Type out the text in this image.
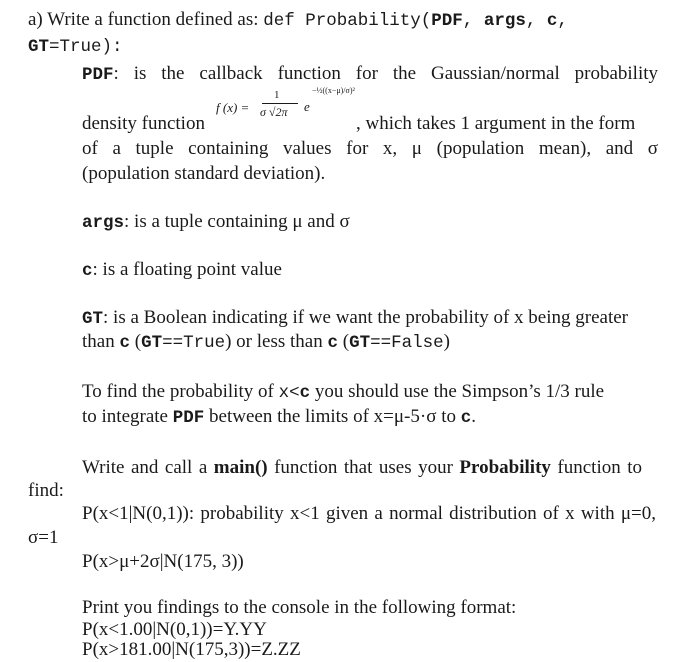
a) Write a function defined as: def Probability(PDF, args, c,
GT=True):
PDF: is the callback function for the Gaussian/normal probability
f (x) =
1
σ √2π e
−½((x−μ)/σ)²
density function	, which takes 1 argument in the form
of a tuple containing values for x, μ (population mean), and σ
(population standard deviation).
args: is a tuple containing μ and σ
c: is a floating point value
GT: is a Boolean indicating if we want the probability of x being greater
than c (GT==True) or less than c (GT==False)
To find the probability of x<c you should use the Simpson’s 1/3 rule
to integrate PDF between the limits of x=μ-5·σ to c.
Write and call a main() function that uses your Probability function to
find:
P(x<1|N(0,1)): probability x<1 given a normal distribution of x with μ=0,
σ=1
P(x>μ+2σ|N(175, 3))
Print you findings to the console in the following format:
P(x<1.00|N(0,1))=Y.YY
P(x>181.00|N(175,3))=Z.ZZ
